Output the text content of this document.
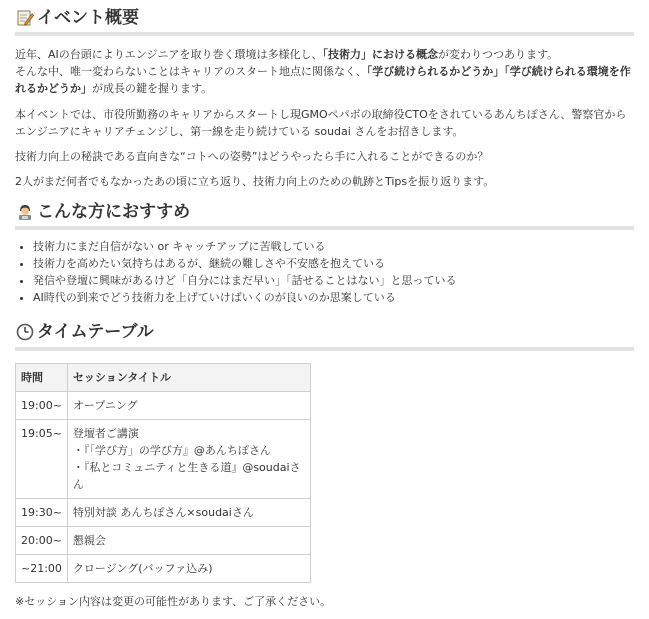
イベント概要

近年、AIの台頭によりエンジニアを取り巻く環境は多様化し、「技術力」における概念が変わりつつあります。
そんな中、唯一変わらないことはキャリアのスタート地点に関係なく、「学び続けられるかどうか」「学び続けられる環境を作れるかどうか」が成長の鍵を握ります。

本イベントでは、市役所勤務のキャリアからスタートし現GMOペパボの取締役CTOをされているあんちぽさん、警察官からエンジニアにキャリアチェンジし、第一線を走り続けている soudai さんをお招きします。

技術力向上の秘訣である直向きな“コトへの姿勢”はどうやったら手に入れることができるのか？

2人がまだ何者でもなかったあの頃に立ち返り、技術力向上のための軌跡とTipsを振り返ります。

こんな方におすすめ
• 技術力にまだ自信がない or キャッチアップに苦戦している
• 技術力を高めたい気持ちはあるが、継続の難しさや不安感を抱えている
• 発信や登壇に興味があるけど「自分にはまだ早い」「話せることはない」と思っている
• AI時代の到来でどう技術力を上げていけばいくのが良いのか思案している
タイムテーブル
時間	セッションタイトル
19:00~	オープニング

19:05~	登壇者ご講演
・『「学び方」の学び方』@あんちぽさん
・『私とコミュニティと生きる道』@soudaiさん

19:30~	特別対談 あんちぽさん×soudaiさん

20:00~	懇親会

~21:00	クロージング(バッファ込み)

※セッション内容は変更の可能性があります、ご了承ください。
